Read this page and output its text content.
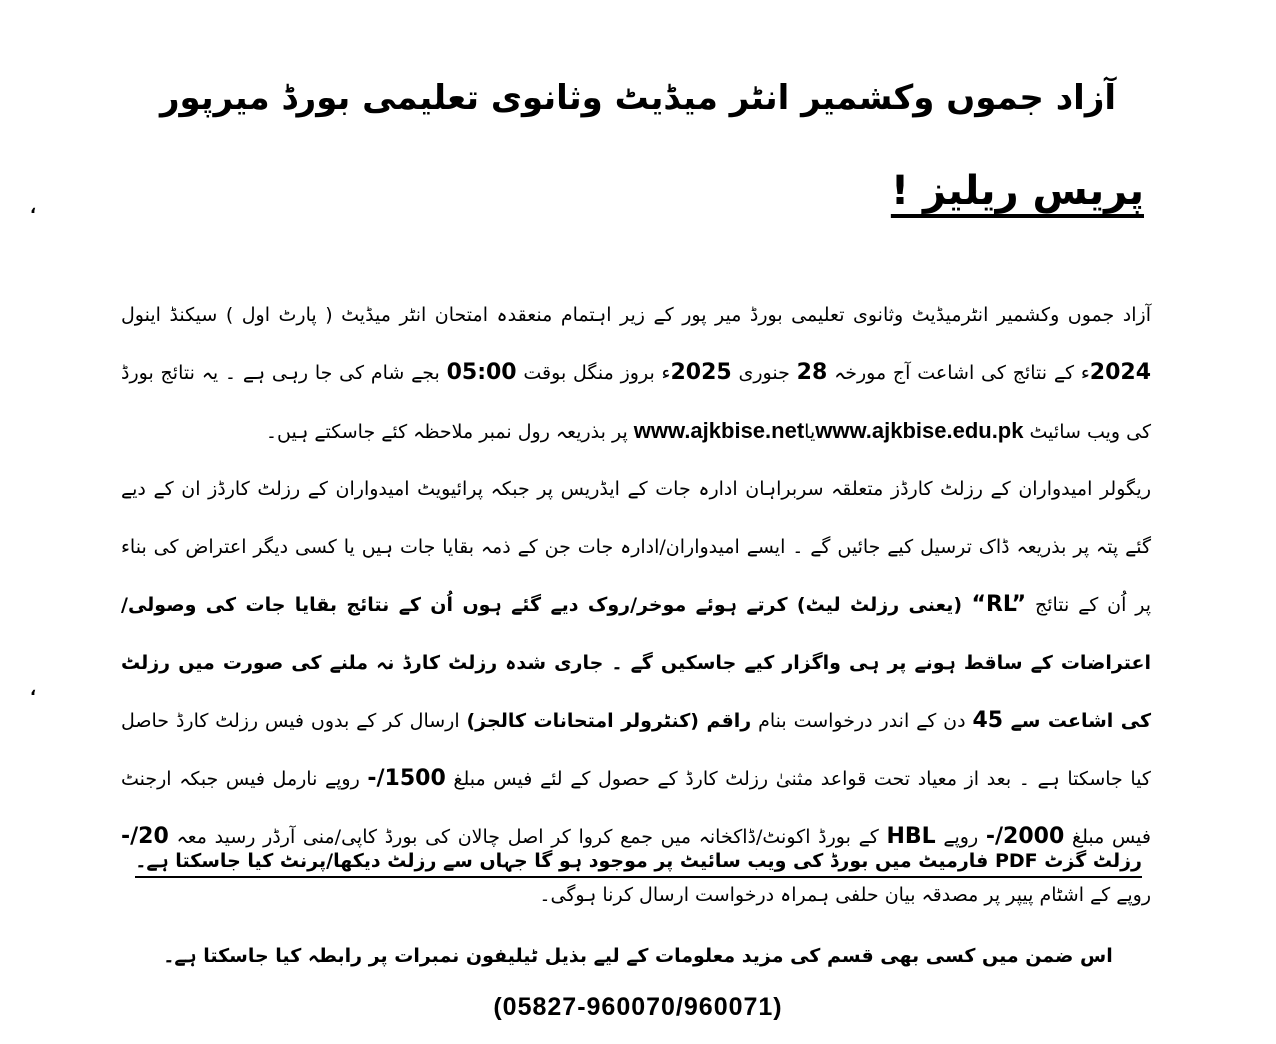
،
،
آزاد جموں وکشمیر انٹر میڈیٹ وثانوی تعلیمی بورڈ میرپور
پریس ریلیز !
آزاد جموں وکشمیر انٹرمیڈیٹ وثانوی تعلیمی بورڈ میر پور کے زیر اہتمام منعقدہ امتحان انٹر میڈیٹ ( پارٹ اول ) سیکنڈ اینول 2024ء کے نتائج کی اشاعت آج مورخہ 28 جنوری 2025ء بروز منگل بوقت 05:00 بجے شام کی جا رہی ہے ۔ یہ نتائج بورڈ کی ویب سائیٹ www.ajkbise.edu.pkیاwww.ajkbise.net پر بذریعہ رول نمبر ملاحظہ کئے جاسکتے ہیں۔
ریگولر امیدواران کے رزلٹ کارڈز متعلقہ سربراہان ادارہ جات کے ایڈریس پر جبکہ پرائیویٹ امیدواران کے رزلٹ کارڈز ان کے دیے گئے پتہ پر بذریعہ ڈاک ترسیل کیے جائیں گے ۔ ایسے امیدواران/ادارہ جات جن کے ذمہ بقایا جات ہیں یا کسی دیگر اعتراض کی بناء پر اُن کے نتائج “RL” (یعنی رزلٹ لیٹ) کرتے ہوئے موخر/روک دیے گئے ہوں اُن کے نتائج بقایا جات کی وصولی/اعتراضات کے ساقط ہونے پر ہی واگزار کیے جاسکیں گے ۔ جاری شدہ رزلٹ کارڈ نہ ملنے کی صورت میں رزلٹ کی اشاعت سے 45 دن کے اندر درخواست بنام راقم (کنٹرولر امتحانات کالجز) ارسال کر کے بدوں فیس رزلٹ کارڈ حاصل کیا جاسکتا ہے ۔ بعد از معیاد تحت قواعد مثنیٰ رزلٹ کارڈ کے حصول کے لئے فیس مبلغ -/1500 روپے نارمل فیس جبکہ ارجنٹ فیس مبلغ -/2000 روپے HBL کے بورڈ اکونٹ/ڈاکخانہ میں جمع کروا کر اصل چالان کی بورڈ کاپی/منی آرڈر رسید معہ -/20 روپے کے اشٹام پیپر پر مصدقہ بیان حلفی ہمراہ درخواست ارسال کرنا ہوگی۔
رزلٹ گزٹ PDF فارمیٹ میں بورڈ کی ویب سائیٹ پر موجود ہو گا جہاں سے رزلٹ دیکھا/پرنٹ کیا جاسکتا ہے۔
اس ضمن میں کسی بھی قسم کی مزید معلومات کے لیے بذیل ٹیلیفون نمبرات پر رابطہ کیا جاسکتا ہے۔
(05827-960070/960071)
